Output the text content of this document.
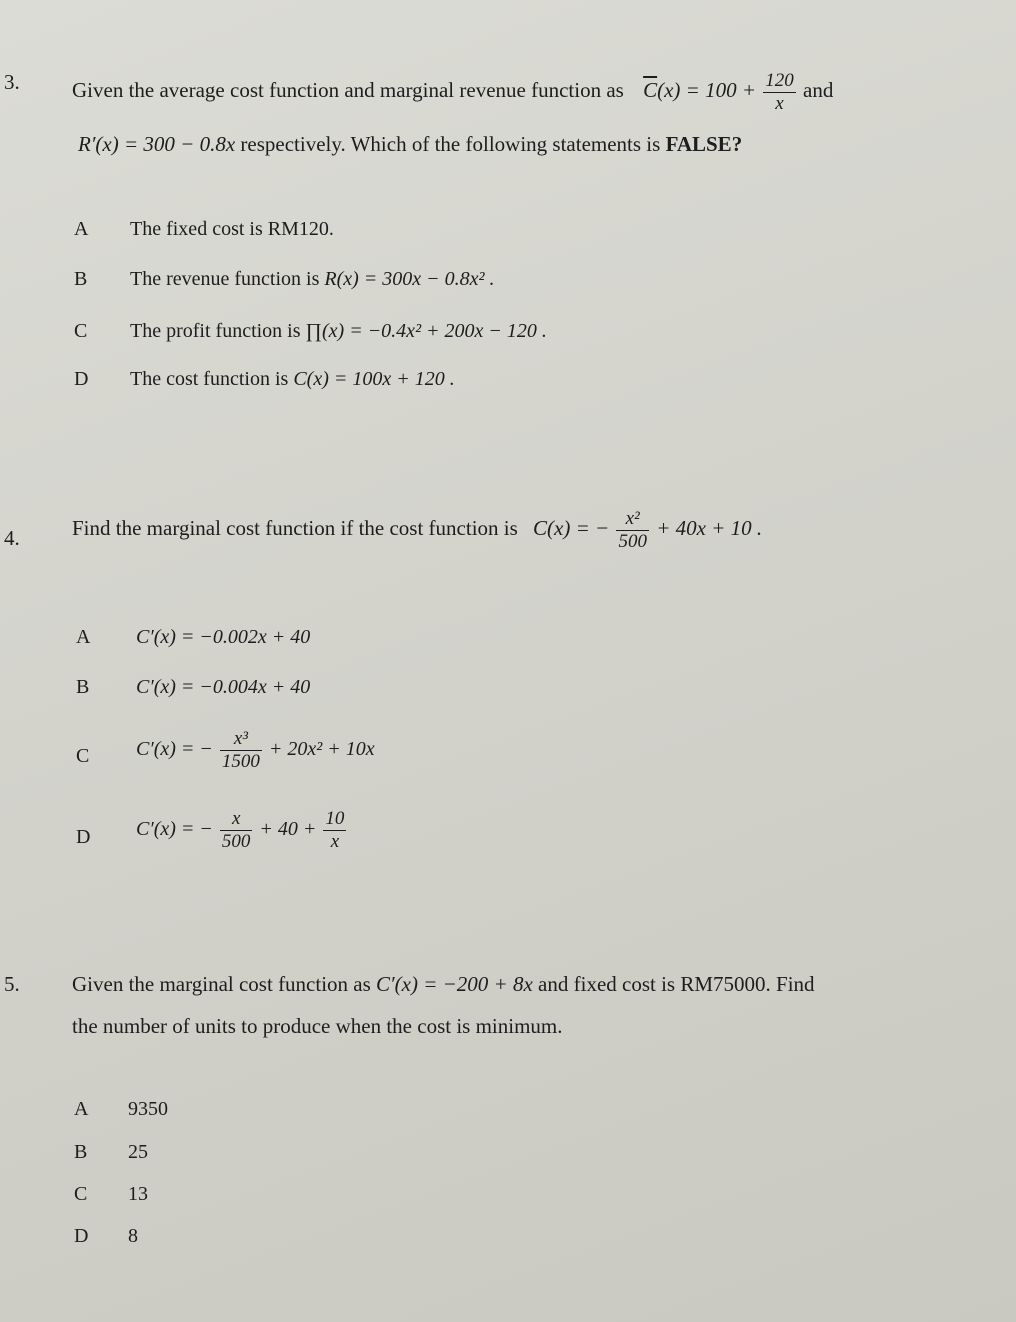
3. Given the average cost function and marginal revenue function as $\overline{C}(x) = 100 + \frac{120}{x}$ and
R′(x) = 300 − 0.8x respectively. Which of the following statements is FALSE?
A The fixed cost is RM120.
B The revenue function is R(x) = 300x − 0.8x² .
C The profit function is ∏(x) = −0.4x² + 200x − 120 .
D The cost function is C(x) = 100x + 120 .
4. Find the marginal cost function if the cost function is C(x) = − $\frac{\text{x²}}{500} + 40x + 10$ .
A C′(x) = −0.002x + 40
B C′(x) = −0.004x + 40
C C′(x) = − $\frac{\text{x³}}{1500} + 20x^2 + 10x$
D C′(x) = − $\frac{x}{500} + 40 + \frac{10}{x}$
5. Given the marginal cost function as C′(x) = −200 + 8x and fixed cost is RM75000. Find
the number of units to produce when the cost is minimum.
A 9350
B 25
C 13
D 8
